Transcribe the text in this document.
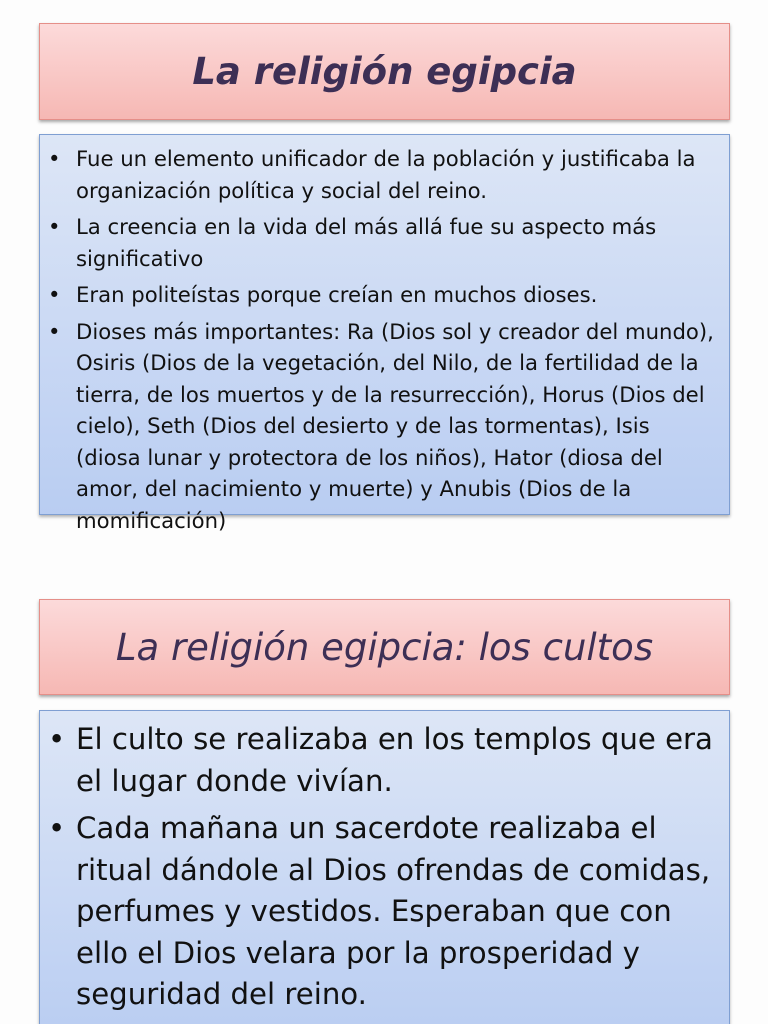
La religión egipcia
• Fue un elemento unificador de la población y justificaba la organización política y social del reino.
• La creencia en la vida del más allá fue su aspecto más significativo
• Eran politeístas porque creían en muchos dioses.
• Dioses más importantes: Ra (Dios sol y creador del mundo), Osiris (Dios de la vegetación, del Nilo, de la fertilidad de la tierra, de los muertos y de la resurrección), Horus (Dios del cielo), Seth (Dios del desierto y de las tormentas), Isis (diosa lunar y protectora de los niños), Hator (diosa del amor, del nacimiento y muerte) y Anubis (Dios de la momificación)
La religión egipcia: los cultos
• El culto se realizaba en los templos que era el lugar donde vivían.
• Cada mañana un sacerdote realizaba el ritual dándole al Dios ofrendas de comidas, perfumes y vestidos. Esperaban que con ello el Dios velara por la prosperidad y seguridad del reino.
